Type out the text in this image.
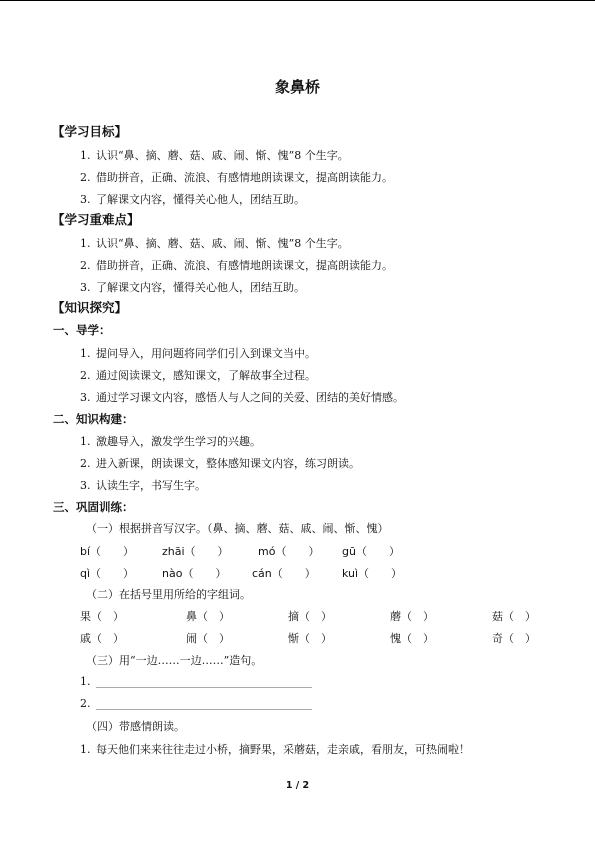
象鼻桥
【学习目标】
1. 认识“鼻、摘、蘑、菇、戚、闹、惭、愧”8 个生字。
2. 借助拼音，正确、流浪、有感情地朗读课文，提高朗读能力。
3. 了解课文内容，懂得关心他人，团结互助。
【学习重难点】
1. 认识“鼻、摘、蘑、菇、戚、闹、惭、愧”8 个生字。
2. 借助拼音，正确、流浪、有感情地朗读课文，提高朗读能力。
3. 了解课文内容，懂得关心他人，团结互助。
【知识探究】
一、导学：
1. 提问导入，用问题将同学们引入到课文当中。
2. 通过阅读课文，感知课文，了解故事全过程。
3. 通过学习课文内容，感悟人与人之间的关爱、团结的美好情感。
二、知识构建：
1. 激趣导入，激发学生学习的兴趣。
2. 进入新课，朗读课文，整体感知课文内容，练习朗读。
3. 认读生字，书写生字。
三、巩固训练：
（一）根据拼音写汉字。（鼻、摘、蘑、菇、戚、闹、惭、愧）
bí（　　）	zhāi（　　）	mó（　　） gū（　　）
qì（　　）	nào（　　） cán（　　） kuì（　　）
（二）在括号里用所给的字组词。
果（　）	鼻（　）	摘（　）	蘑（　）	菇（　）
戚（　）	闹（　）	惭（　）	愧（　）	奇（　）
（三）用“一边……一边……”造句。
1.
2.
（四）带感情朗读。
1. 每天他们来来往往走过小桥，摘野果，采蘑菇，走亲戚，看朋友，可热闹啦！
1 / 2
